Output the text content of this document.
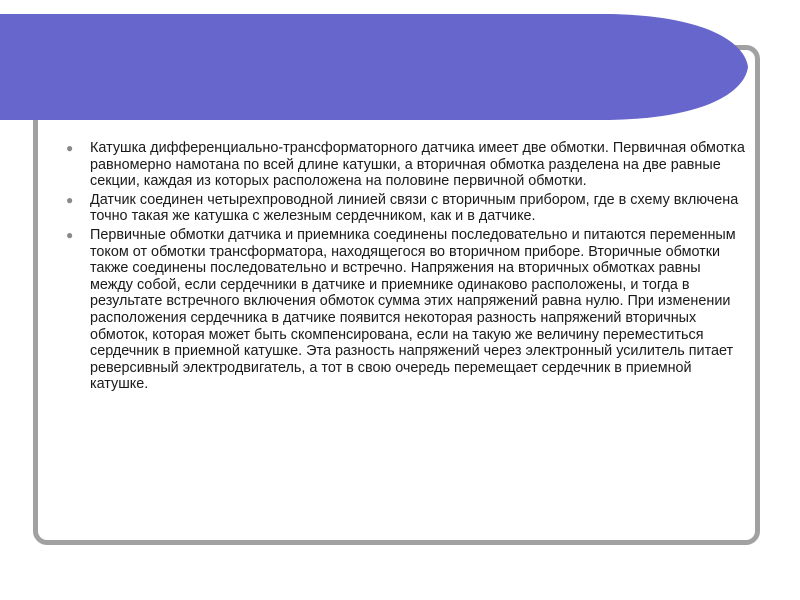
● Катушка дифференциально-трансформаторного датчика имеет две обмотки. Первичная обмотка равномерно намотана по всей длине катушки, а вторичная обмотка разделена на две равные секции, каждая из которых расположена на половине первичной обмотки.
● Датчик соединен четырехпроводной линией связи с вторичным прибором, где в схему включена точно такая же катушка с железным сердечником, как и в датчике.
● Первичные обмотки датчика и приемника соединены последовательно и питаются переменным током от обмотки трансформатора, находящегося во вторичном приборе. Вторичные обмотки также соединены последовательно и встречно. Напряжения на вторичных обмотках равны между собой, если сердечники в датчике и приемнике одинаково расположены, и тогда в результате встречного включения обмоток сумма этих напряжений равна нулю. При изменении расположения сердечника в датчике появится некоторая разность напряжений вторичных обмоток, которая может быть скомпенсирована, если на такую же величину переместиться сердечник в приемной катушке. Эта разность напряжений через электронный усилитель питает реверсивный электродвигатель, а тот в свою очередь перемещает сердечник в приемной катушке.
